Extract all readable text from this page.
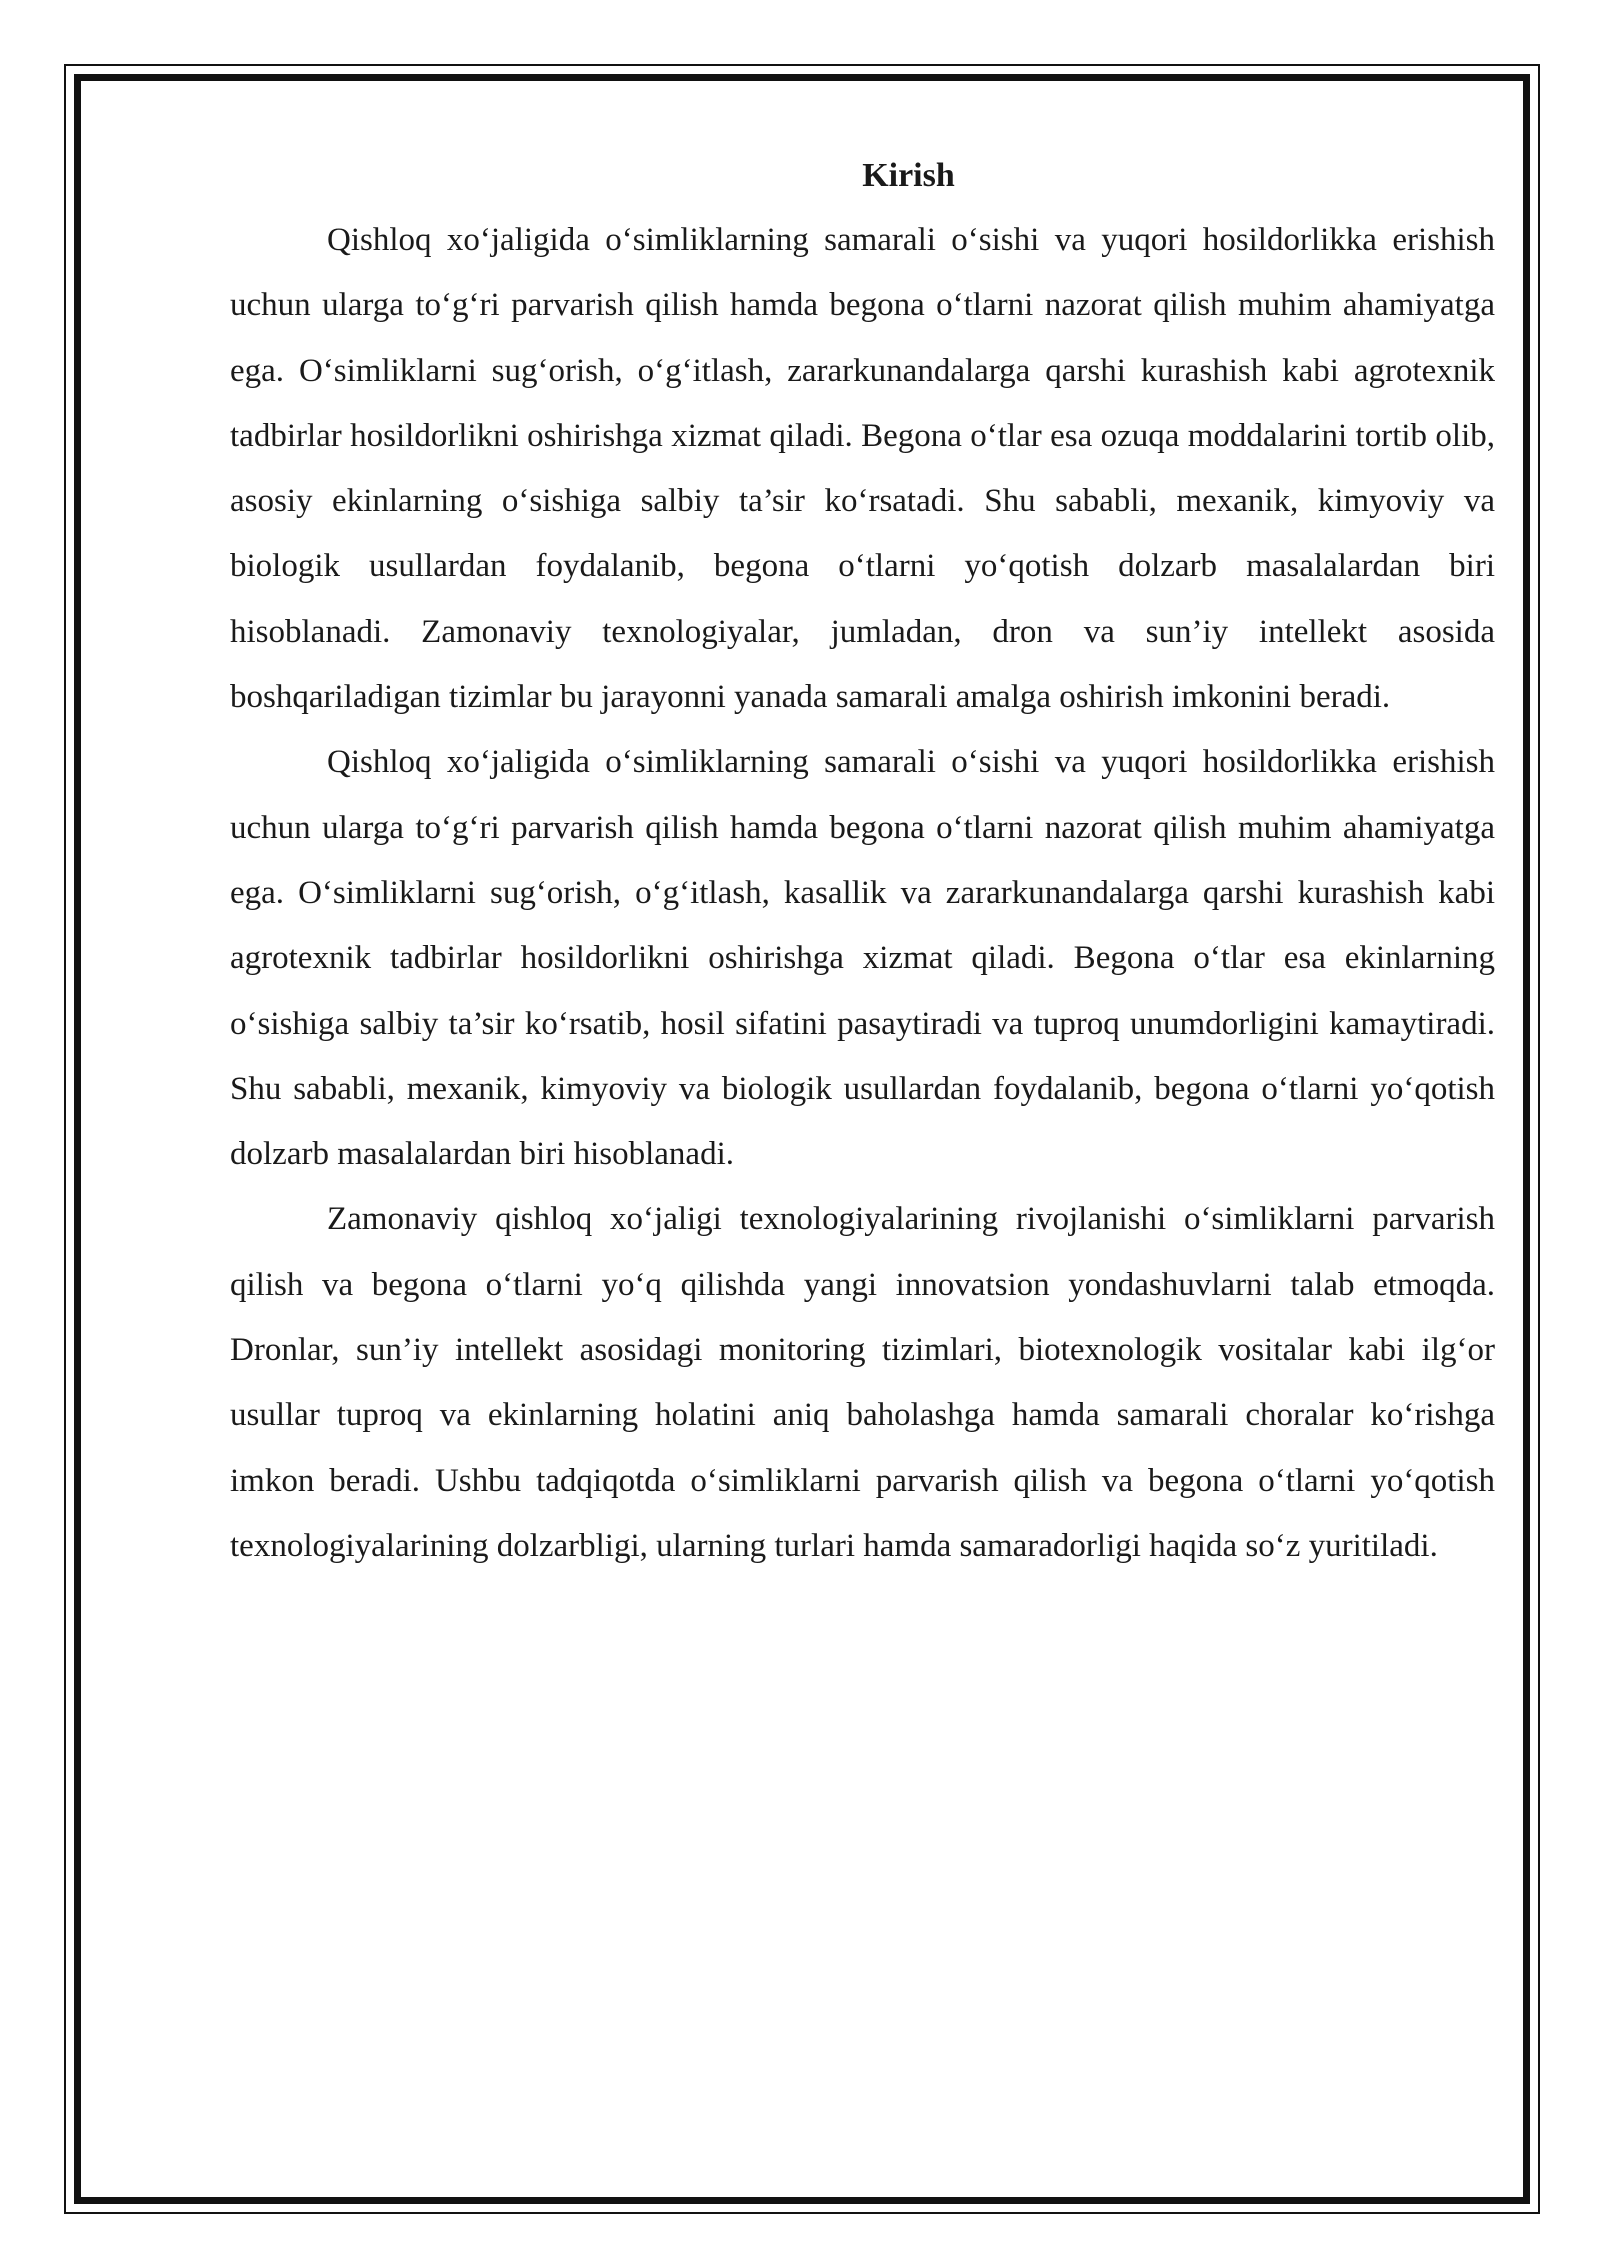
Kirish

Qishloq xo‘jaligida o‘simliklarning samarali o‘sishi va yuqori hosildorlikka erishish uchun ularga to‘g‘ri parvarish qilish hamda begona o‘tlarni nazorat qilish muhim ahamiyatga ega. O‘simliklarni sug‘orish, o‘g‘itlash, zararkunandalarga qarshi kurashish kabi agrotexnik tadbirlar hosildorlikni oshirishga xizmat qiladi. Begona o‘tlar esa ozuqa moddalarini tortib olib, asosiy ekinlarning o‘sishiga salbiy ta’sir ko‘rsatadi. Shu sababli, mexanik, kimyoviy va biologik usullardan foydalanib, begona o‘tlarni yo‘qotish dolzarb masalalardan biri hisoblanadi. Zamonaviy texnologiyalar, jumladan, dron va sun’iy intellekt asosida boshqariladigan tizimlar bu jarayonni yanada samarali amalga oshirish imkonini beradi.

Qishloq xo‘jaligida o‘simliklarning samarali o‘sishi va yuqori hosildorlikka erishish uchun ularga to‘g‘ri parvarish qilish hamda begona o‘tlarni nazorat qilish muhim ahamiyatga ega. O‘simliklarni sug‘orish, o‘g‘itlash, kasallik va zararkunandalarga qarshi kurashish kabi agrotexnik tadbirlar hosildorlikni oshirishga xizmat qiladi. Begona o‘tlar esa ekinlarning o‘sishiga salbiy ta’sir ko‘rsatib, hosil sifatini pasaytiradi va tuproq unumdorligini kamaytiradi. Shu sababli, mexanik, kimyoviy va biologik usullardan foydalanib, begona o‘tlarni yo‘qotish dolzarb masalalardan biri hisoblanadi.

Zamonaviy qishloq xo‘jaligi texnologiyalarining rivojlanishi o‘simliklarni parvarish qilish va begona o‘tlarni yo‘q qilishda yangi innovatsion yondashuvlarni talab etmoqda. Dronlar, sun’iy intellekt asosidagi monitoring tizimlari, biotexnologik vositalar kabi ilg‘or usullar tuproq va ekinlarning holatini aniq baholashga hamda samarali choralar ko‘rishga imkon beradi. Ushbu tadqiqotda o‘simliklarni parvarish qilish va begona o‘tlarni yo‘qotish texnologiyalarining dolzarbligi, ularning turlari hamda samaradorligi haqida so‘z yuritiladi.
